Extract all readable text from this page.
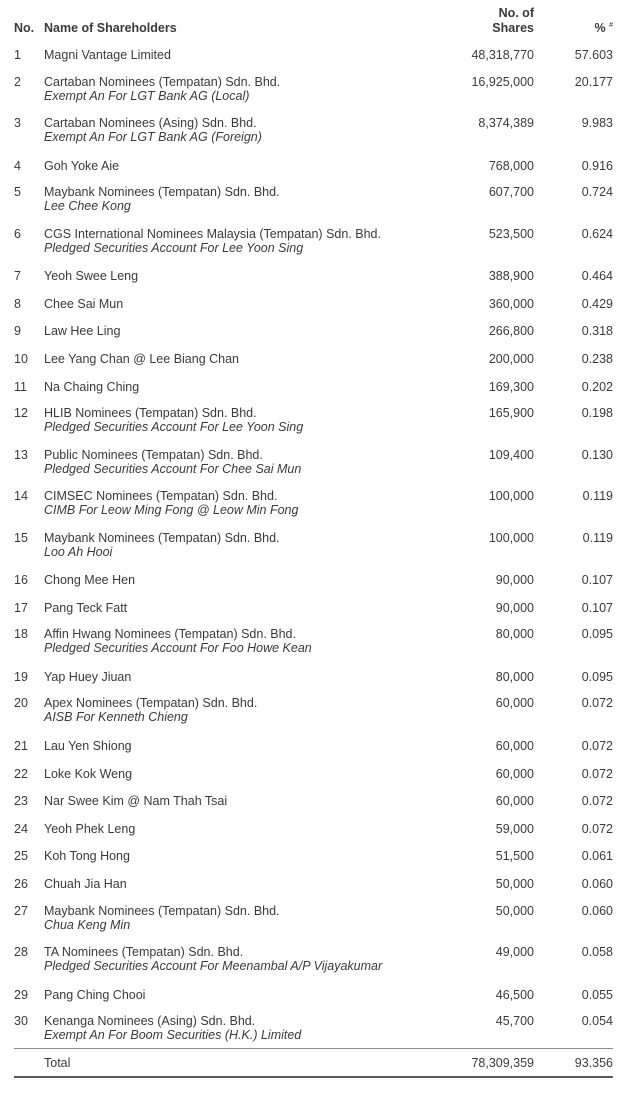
No.	Name of Shareholders	No. of
Shares	% #
1	Magni Vantage Limited	48,318,770	57.603
2	Cartaban Nominees (Tempatan) Sdn. Bhd.
Exempt An For LGT Bank AG (Local)	16,925,000	20.177
3	Cartaban Nominees (Asing) Sdn. Bhd.
Exempt An For LGT Bank AG (Foreign)	8,374,389	9.983
4	Goh Yoke Aie	768,000	0.916
5	Maybank Nominees (Tempatan) Sdn. Bhd.
Lee Chee Kong	607,700	0.724
6	CGS International Nominees Malaysia (Tempatan) Sdn. Bhd.
Pledged Securities Account For Lee Yoon Sing	523,500	0.624
7	Yeoh Swee Leng	388,900	0.464
8	Chee Sai Mun	360,000	0.429
9	Law Hee Ling	266,800	0.318
10	Lee Yang Chan @ Lee Biang Chan	200,000	0.238
11	Na Chaing Ching	169,300	0.202
12	HLIB Nominees (Tempatan) Sdn. Bhd.
Pledged Securities Account For Lee Yoon Sing	165,900	0.198
13	Public Nominees (Tempatan) Sdn. Bhd.
Pledged Securities Account For Chee Sai Mun	109,400	0.130
14	CIMSEC Nominees (Tempatan) Sdn. Bhd.
CIMB For Leow Ming Fong @ Leow Min Fong	100,000	0.119
15	Maybank Nominees (Tempatan) Sdn. Bhd.
Loo Ah Hooi	100,000	0.119
16	Chong Mee Hen	90,000	0.107
17	Pang Teck Fatt	90,000	0.107
18	Affin Hwang Nominees (Tempatan) Sdn. Bhd.
Pledged Securities Account For Foo Howe Kean	80,000	0.095
19	Yap Huey Jiuan	80,000	0.095
20	Apex Nominees (Tempatan) Sdn. Bhd.
AISB For Kenneth Chieng	60,000	0.072
21	Lau Yen Shiong	60,000	0.072
22	Loke Kok Weng	60,000	0.072
23	Nar Swee Kim @ Nam Thah Tsai	60,000	0.072
24	Yeoh Phek Leng	59,000	0.072
25	Koh Tong Hong	51,500	0.061
26	Chuah Jia Han	50,000	0.060
27	Maybank Nominees (Tempatan) Sdn. Bhd.
Chua Keng Min	50,000	0.060
28	TA Nominees (Tempatan) Sdn. Bhd.
Pledged Securities Account For Meenambal A/P Vijayakumar	49,000	0.058
29	Pang Ching Chooi	46,500	0.055
30	Kenanga Nominees (Asing) Sdn. Bhd.
Exempt An For Boom Securities (H.K.) Limited	45,700	0.054
	Total	78,309,359	93.356
